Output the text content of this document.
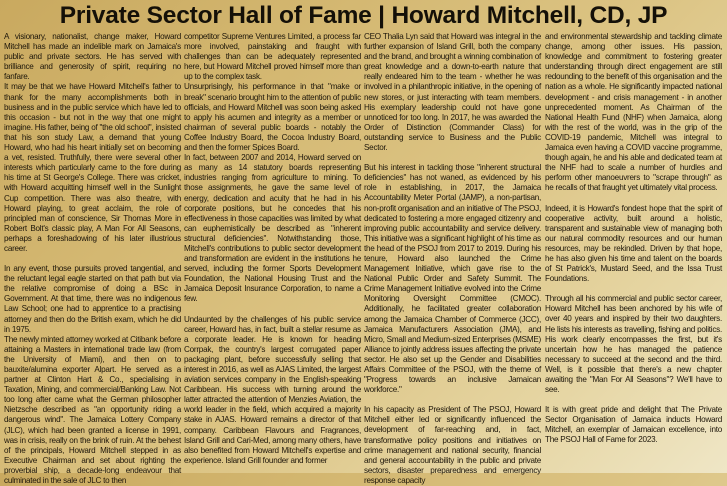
Private Sector Hall of Fame | Howard Mitchell, CD, JP

A visionary, nationalist, change maker, Howard Mitchell has made an indelible mark on Jamaica's public and private sectors. He has served with brilliance and generosity of spirit, requiring no fanfare.

It may be that we have Howard Mitchell's father to thank for the many accomplishments both in business and in the public service which have led to this occasion - but not in the way that one might imagine. His father, being of "the old school", insisted that his son study Law, a demand that young Howard, who had his heart initially set on becoming a vet, resisted. Truthfully, there were several other interests which particularly came to the fore during his time at St George's College. There was cricket, with Howard acquitting himself well in the Sunlight Cup competition. There was also theatre, with Howard playing, to great acclaim, the role of principled man of conscience, Sir Thomas More in Robert Bolt's classic play, A Man For All Seasons, perhaps a foreshadowing of his later illustrious career.

In any event, those pursuits proved tangential, and the reluctant legal eagle started on that path but via the relative compromise of doing a BSc in Government. At that time, there was no indigenous Law School; one had to apprentice to a practising attorney and then do the British exam, which he did in 1975.

The newly minted attorney worked at Citibank before attaining a Masters in international trade law (from the University of Miami), and then on to bauxite/alumina exporter Alpart. He served as a partner at Clinton Hart & Co., specialising in Taxation, Mining, and commercial/Banking Law. Not too long after came what the German philosopher Nietzsche described as "an opportunity riding a dangerous wind". The Jamaica Lottery Company (JLC), which had been granted a license in 1991, was in crisis, really on the brink of ruin. At the behest of the principals, Howard Mitchell stepped in as Executive Chairman and set about righting the proverbial ship, a decade-long endeavour that culminated in the sale of JLC to then

competitor Supreme Ventures Limited, a process far more involved, painstaking and fraught with challenges than can be adequately represented here, but Howard Mitchell proved himself more than up to the complex task.

Unsurprisingly, his performance in that "make or break" scenario brought him to the attention of public officials, and Howard Mitchell was soon being asked to apply his acumen and integrity as a member or chairman of several public boards - notably the Coffee Industry Board, the Cocoa Industry Board, and then the former Spices Board.

In fact, between 2007 and 2014, Howard served on as many as 14 statutory boards representing industries ranging from agriculture to mining. To those assignments, he gave the same level of energy, dedication and acuity that he had in his corporate positions, but he concedes that his effectiveness in those capacities was limited by what can euphemistically be described as "inherent structural deficiencies". Notwithstanding those, Mitchell's contributions to public sector development and transformation are evident in the institutions he served, including the former Sports Development Foundation, the National Housing Trust and the Jamaica Deposit Insurance Corporation, to name a few.

Undaunted by the challenges of his public service career, Howard has, in fact, built a stellar resume as a corporate leader. He is known for heading Corrpak, the country's largest corrugated paper packaging plant, before successfully selling that interest in 2016, as well as AJAS Limited, the largest aviation services company in the English-speaking Caribbean. His success with turning around the latter attracted the attention of Menzies Aviation, the world leader in the field, which acquired a majority stake in AJAS. Howard remains a director of that company. Caribbean Flavours and Fragrances, Island Grill and Cari-Med, among many others, have also benefited from Howard Mitchell's expertise and experience. Island Grill founder and former

CEO Thalia Lyn said that Howard was integral in the further expansion of Island Grill, both the company and the brand, and brought a winning combination of great knowledge and a down-to-earth nature that really endeared him to the team - whether he was involved in a philanthropic initiative, in the opening of new stores, or just interacting with team members. His exemplary leadership could not have gone unnoticed for too long. In 2017, he was awarded the Order of Distinction (Commander Class) for outstanding service to Business and the Public Sector.

But his interest in tackling those "inherent structural deficiencies" has not waned, as evidenced by his role in establishing, in 2017, the Jamaica Accountability Meter Portal (JAMP), a non-partisan, non-profit organisation and an initiative of The PSOJ, dedicated to fostering a more engaged citizenry and improving public accountability and service delivery. This initiative was a significant highlight of his time as the head of the PSOJ from 2017 to 2019. During his tenure, Howard also launched the Crime Management Initiative, which gave rise to the National Public Order and Safety Summit. The Crime Management Initiative evolved into the Crime Monitoring Oversight Committee (CMOC). Additionally, he facilitated greater collaboration among the Jamaica Chamber of Commerce (JCC), Jamaica Manufacturers Association (JMA), and Micro, Small and Medium-sized Enterprises (MSME) Alliance to jointly address issues affecting the private sector. He also set up the Gender and Disabilities Affairs Committee of the PSOJ, with the theme of "Progress towards an inclusive Jamaican workforce."

In his capacity as President of The PSOJ, Howard Mitchell either led or significantly influenced the development of far-reaching and, in fact, transformative policy positions and initiatives on crime management and national security, financial and general accountability in the public and private sectors, disaster preparedness and emergency response capacity

and environmental stewardship and tackling climate change, among other issues. His passion, knowledge and commitment to fostering greater understanding through direct engagement are still redounding to the benefit of this organisation and the nation as a whole. He significantly impacted national development - and crisis management - in another unprecedented moment. As Chairman of the National Health Fund (NHF) when Jamaica, along with the rest of the world, was in the grip of the COVID-19 pandemic, Mitchell was integral to Jamaica even having a COVID vaccine programme, though again, he and his able and dedicated team at the NHF had to scale a number of hurdles and perform other manoeuvrers to "scrape through" as he recalls of that fraught yet ultimately vital process.

Indeed, it is Howard's fondest hope that the spirit of cooperative activity, built around a holistic, transparent and sustainable view of managing both our natural commodity resources and our human resources, may be rekindled. Driven by that hope, he has also given his time and talent on the boards of St Patrick's, Mustard Seed, and the Issa Trust Foundations.

Through all his commercial and public sector career, Howard Mitchell has been anchored by his wife of over 40 years and inspired by their two daughters. He lists his interests as travelling, fishing and politics. His work clearly encompasses the first, but it's uncertain how he has managed the patience necessary to succeed at the second and the third. Well, is it possible that there's a new chapter awaiting the "Man For All Seasons"? We'll have to see.

It is with great pride and delight that The Private Sector Organisation of Jamaica inducts Howard Mitchell, an exemplar of Jamaican excellence, into The PSOJ Hall of Fame for 2023.
